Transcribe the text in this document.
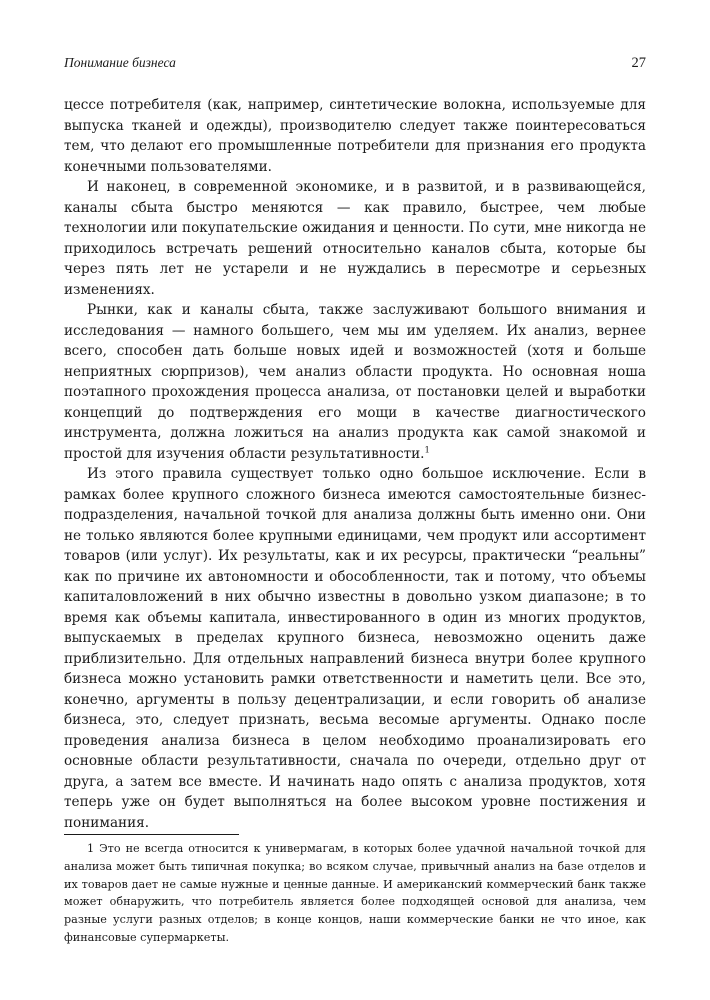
Понимание бизнеса	27

цессе потребителя (как, например, синтетические волокна, используемые для выпуска тканей и одежды), производителю следует также поинтересоваться тем, что делают его промышленные потребители для признания его продукта конечными пользователями.

И наконец, в современной экономике, и в развитой, и в развивающейся, каналы сбыта быстро меняются — как правило, быстрее, чем любые технологии или покупательские ожидания и ценности. По сути, мне никогда не приходилось встречать решений относительно каналов сбыта, которые бы через пять лет не устарели и не нуждались в пересмотре и серьезных изменениях.

Рынки, как и каналы сбыта, также заслуживают большого внимания и исследования — намного большего, чем мы им уделяем. Их анализ, вернее всего, способен дать больше новых идей и возможностей (хотя и больше неприятных сюрпризов), чем анализ области продукта. Но основная ноша поэтапного прохождения процесса анализа, от постановки целей и выработки концепций до подтверждения его мощи в качестве диагностического инструмента, должна ложиться на анализ продукта как самой знакомой и простой для изучения области результативности.$^1$

Из этого правила существует только одно большое исключение. Если в рамках более крупного сложного бизнеса имеются самостоятельные бизнес-подразделения, начальной точкой для анализа должны быть именно они. Они не только являются более крупными единицами, чем продукт или ассортимент товаров (или услуг). Их результаты, как и их ресурсы, практически “реальны” как по причине их автономности и обособленности, так и потому, что объемы капиталовложений в них обычно известны в довольно узком диапазоне; в то время как объемы капитала, инвестированного в один из многих продуктов, выпускаемых в пределах крупного бизнеса, невозможно оценить даже приблизительно. Для отдельных направлений бизнеса внутри более крупного бизнеса можно установить рамки ответственности и наметить цели. Все это, конечно, аргументы в пользу децентрализации, и если говорить об анализе бизнеса, это, следует признать, весьма весомые аргументы. Однако после проведения анализа бизнеса в целом необходимо проанализировать его основные области результативности, сначала по очереди, отдельно друг от друга, а затем все вместе. И начинать надо опять с анализа продуктов, хотя теперь уже он будет выполняться на более высоком уровне постижения и понимания.

1 Это не всегда относится к универмагам, в которых более удачной начальной точкой для анализа может быть типичная покупка; во всяком случае, привычный анализ на базе отделов и их товаров дает не самые нужные и ценные данные. И американский коммерческий банк также может обнаружить, что потребитель является более подходящей основой для анализа, чем разные услуги разных отделов; в конце концов, наши коммерческие банки не что иное, как финансовые супермаркеты.
